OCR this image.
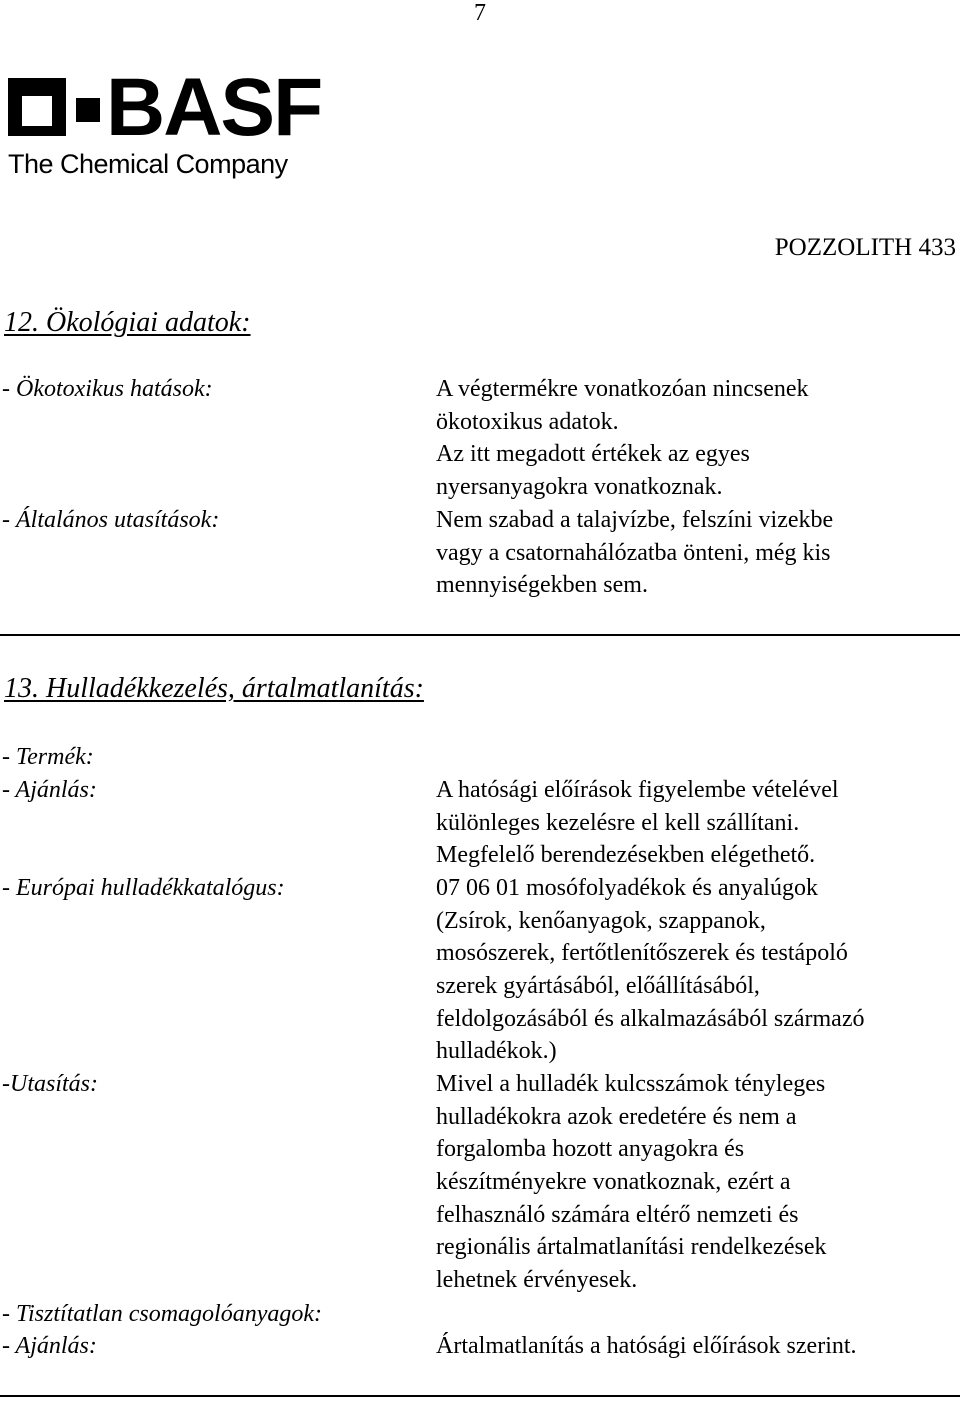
7
BASF
The Chemical Company
POZZOLITH 433
12. Ökológiai adatok:
- Ökotoxikus hatások:	A végtermékre vonatkozóan nincsenek
ökotoxikus adatok.
Az itt megadott értékek az egyes
nyersanyagokra vonatkoznak.
- Általános utasítások:	Nem szabad a talajvízbe, felszíni vizekbe
vagy a csatornahálózatba önteni, még kis
mennyiségekben sem.
13. Hulladékkezelés, ártalmatlanítás:
- Termék:
- Ajánlás:	A hatósági előírások figyelembe vételével
különleges kezelésre el kell szállítani.
Megfelelő berendezésekben elégethető.
- Európai hulladékkatalógus:	07 06 01 mosófolyadékok és anyalúgok
(Zsírok, kenőanyagok, szappanok,
mosószerek, fertőtlenítőszerek és testápoló
szerek gyártásából, előállításából,
feldolgozásából és alkalmazásából származó
hulladékok.)
-Utasítás:	Mivel a hulladék kulcsszámok tényleges
hulladékokra azok eredetére és nem a
forgalomba hozott anyagokra és
készítményekre vonatkoznak, ezért a
felhasználó számára eltérő nemzeti és
regionális ártalmatlanítási rendelkezések
lehetnek érvényesek.
- Tisztítatlan csomagolóanyagok:
- Ajánlás:	Ártalmatlanítás a hatósági előírások szerint.
